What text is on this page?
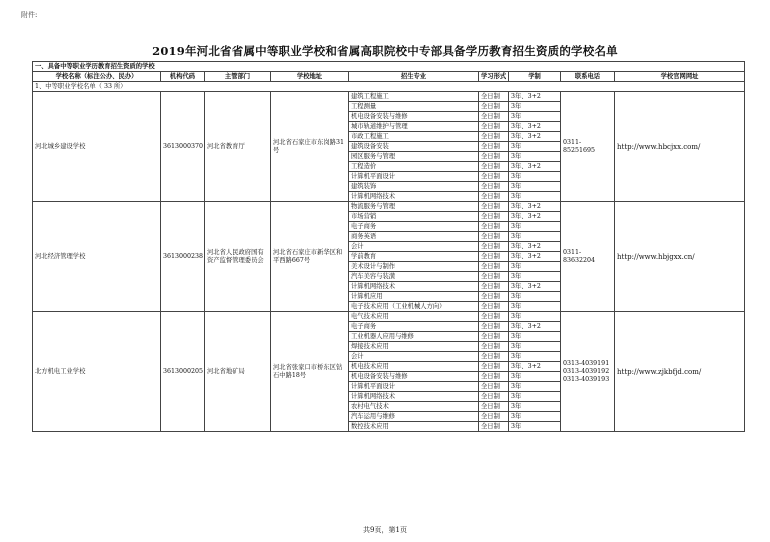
附件:
2019年河北省省属中等职业学校和省属高职院校中专部具备学历教育招生资质的学校名单
一、具备中等职业学历教育招生资质的学校								
学校名称（标注公办、民办）	机构代码	主管部门	学校地址	招生专业	学习形式	学制	联系电话	学校官网网址
1、中等职业学校名单（ 33 所）								
河北城乡建设学校	3613000370	河北省教育厅	河北省石家庄市东岗路31号	建筑工程施工	全日制	3年、3+2	0311-85251695	http://www.hbcjxx.com/
				工程测量	全日制	3年		
				机电设备安装与维修	全日制	3年		
				城市轨道维护与管理	全日制	3年、3+2		
				市政工程施工	全日制	3年、3+2		
				建筑设备安装	全日制	3年		
				园区服务与管理	全日制	3年		
				工程造价	全日制	3年、3+2		
				计算机平面设计	全日制	3年		
				建筑装饰	全日制	3年		
				计算机网络技术	全日制	3年		
河北经济管理学校	3613000238	河北省人民政府国有资产监督管理委员会	河北省石家庄市新华区和平西路667号	物流服务与管理	全日制	3年、3+2	0311-83632204	http://www.hbjgxx.cn/
				市场营销	全日制	3年、3+2		
				电子商务	全日制	3年		
				商务英语	全日制	3年		
				会计	全日制	3年、3+2		
				学前教育	全日制	3年、3+2		
				美术设计与制作	全日制	3年		
				汽车美容与装潢	全日制	3年		
				计算机网络技术	全日制	3年、3+2		
				计算机应用	全日制	3年		
				电子技术应用（工业机械人方向）	全日制	3年		
北方机电工业学校	3613000205	河北省地矿局	河北省张家口市桥东区钻石中路18号	电气技术应用	全日制	3年	0313-4039191 0313-4039192 0313-4039193	http://www.zjkbfjd.com/
				电子商务	全日制	3年、3+2		
				工业机器人应用与维修	全日制	3年		
				焊接技术应用	全日制	3年		
				会计	全日制	3年		
				机电技术应用	全日制	3年、3+2		
				机电设备安装与维修	全日制	3年		
				计算机平面设计	全日制	3年		
				计算机网络技术	全日制	3年		
				农村电气技术	全日制	3年		
				汽车运用与维修	全日制	3年		
				数控技术应用	全日制	3年		
共9页，第1页
